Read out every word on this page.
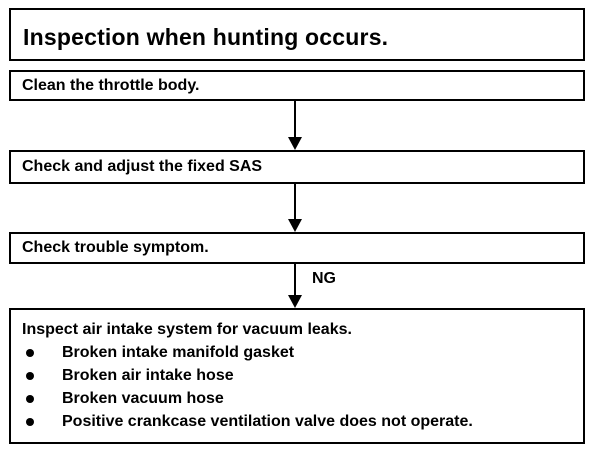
Inspection when hunting occurs.
Clean the throttle body.
Check and adjust the fixed SAS
Check trouble symptom.
NG
Inspect air intake system for vacuum leaks.
Broken intake manifold gasket
Broken air intake hose
Broken vacuum hose
Positive crankcase ventilation valve does not operate.
